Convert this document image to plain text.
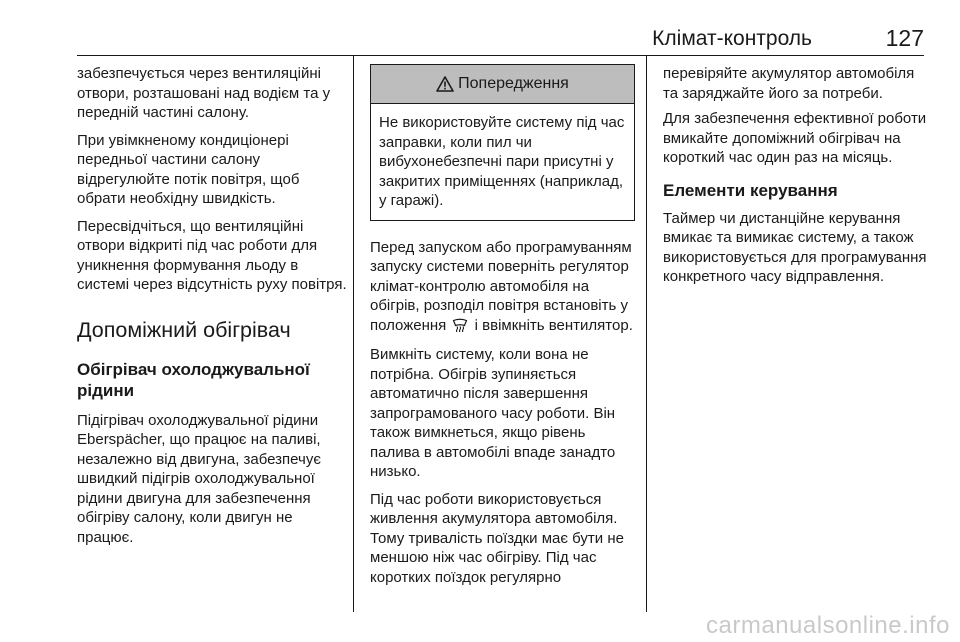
Клімат-контроль	127

забезпечується через вентиляційні отвори, розташовані над водієм та у передній частині салону.

При увімкненому кондиціонері передньої частини салону відрегулюйте потік повітря, щоб обрати необхідну швидкість.

Пересвідчіться, що вентиляційні отвори відкриті під час роботи для уникнення формування льоду в системі через відсутність руху повітря.

Допоміжний обігрівач
Обігрівач охолоджувальної рідини

Підігрівач охолоджувальної рідини Eberspächer, що працює на паливі, незалежно від двигуна, забезпечує швидкий підігрів охолоджувальної рідини двигуна для забезпечення обігріву салону, коли двигун не працює.

Попередження
Не використовуйте систему під час заправки, коли пил чи вибухонебезпечні пари присутні у закритих приміщеннях (наприклад, у гаражі).

Перед запуском або програмуванням запуску системи поверніть регулятор клімат-контролю автомобіля на обігрів, розподіл повітря встановіть у положення і ввімкніть вентилятор.

Вимкніть систему, коли вона не потрібна. Обігрів зупиняється автоматично після завершення запрограмованого часу роботи. Він також вимкнеться, якщо рівень палива в автомобілі впаде занадто низько.

Під час роботи використовується живлення акумулятора автомобіля. Тому тривалість поїздки має бути не меншою ніж час обігріву. Під час коротких поїздок регулярно

перевіряйте акумулятор автомобіля та заряджайте його за потреби.

Для забезпечення ефективної роботи вмикайте допоміжний обігрівач на короткий час один раз на місяць.

Елементи керування

Таймер чи дистанційне керування вмикає та вимикає систему, а також використовується для програмування конкретного часу відправлення.

carmanualsonline.info
